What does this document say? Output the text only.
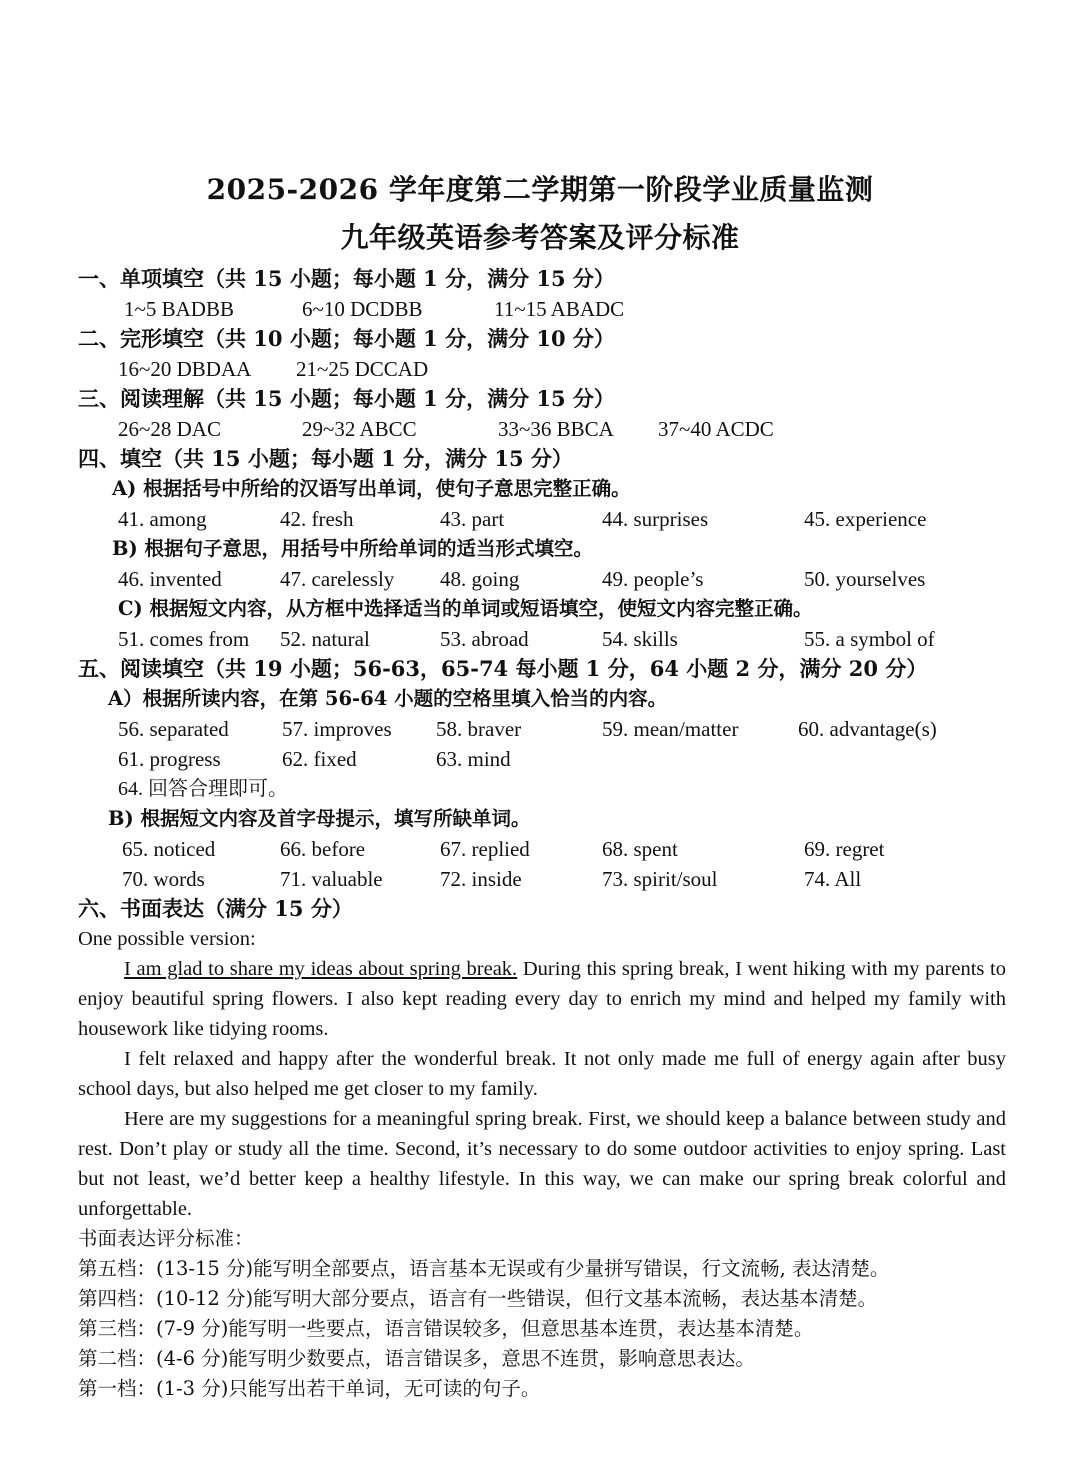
2025-2026 学年度第二学期第一阶段学业质量监测
九年级英语参考答案及评分标准
一、单项填空（共 15 小题；每小题 1 分，满分 15 分）
1~5 BADBB	6~10 DCDBB	11~15 ABADC
二、完形填空（共 10 小题；每小题 1 分，满分 10 分）
16~20 DBDAA 21~25 DCCAD
三、阅读理解（共 15 小题；每小题 1 分，满分 15 分）
26~28 DAC	29~32 ABCC	33~36 BBCA 37~40 ACDC
四、填空（共 15 小题；每小题 1 分，满分 15 分）
A) 根据括号中所给的汉语写出单词，使句子意思完整正确。
41. among	42. fresh	43. part	44. surprises	45. experience
B) 根据句子意思，用括号中所给单词的适当形式填空。
46. invented	47. carelessly 48. going	49. people’s	50. yourselves
C) 根据短文内容，从方框中选择适当的单词或短语填空，使短文内容完整正确。
51. comes from 52. natural	53. abroad	54. skills	55. a symbol of
五、阅读填空（共 19 小题；56-63，65-74 每小题 1 分，64 小题 2 分，满分 20 分）
A）根据所读内容，在第 56-64 小题的空格里填入恰当的内容。
56. separated	57. improves 58. braver	59. mean/matter	60. advantage(s)
61. progress	62. fixed	63. mind
64. 回答合理即可。
B) 根据短文内容及首字母提示，填写所缺单词。
65. noticed	66. before	67. replied	68. spent	69. regret
70. words	71. valuable	72. inside	73. spirit/soul	74. All
六、书面表达（满分 15 分）
One possible version:
I am glad to share my ideas about spring break. During this spring break, I went hiking with my parents to enjoy beautiful spring flowers. I also kept reading every day to enrich my mind and helped my family with housework like tidying rooms.
I felt relaxed and happy after the wonderful break. It not only made me full of energy again after busy school days, but also helped me get closer to my family.
Here are my suggestions for a meaningful spring break. First, we should keep a balance between study and rest. Don’t play or study all the time. Second, it’s necessary to do some outdoor activities to enjoy spring. Last but not least, we’d better keep a healthy lifestyle. In this way, we can make our spring break colorful and unforgettable.
书面表达评分标准：
第五档：(13-15 分)能写明全部要点，语言基本无误或有少量拼写错误，行文流畅, 表达清楚。
第四档：(10-12 分)能写明大部分要点，语言有一些错误，但行文基本流畅，表达基本清楚。
第三档：(7-9 分)能写明一些要点，语言错误较多，但意思基本连贯，表达基本清楚。
第二档：(4-6 分)能写明少数要点，语言错误多，意思不连贯，影响意思表达。
第一档：(1-3 分)只能写出若干单词，无可读的句子。
